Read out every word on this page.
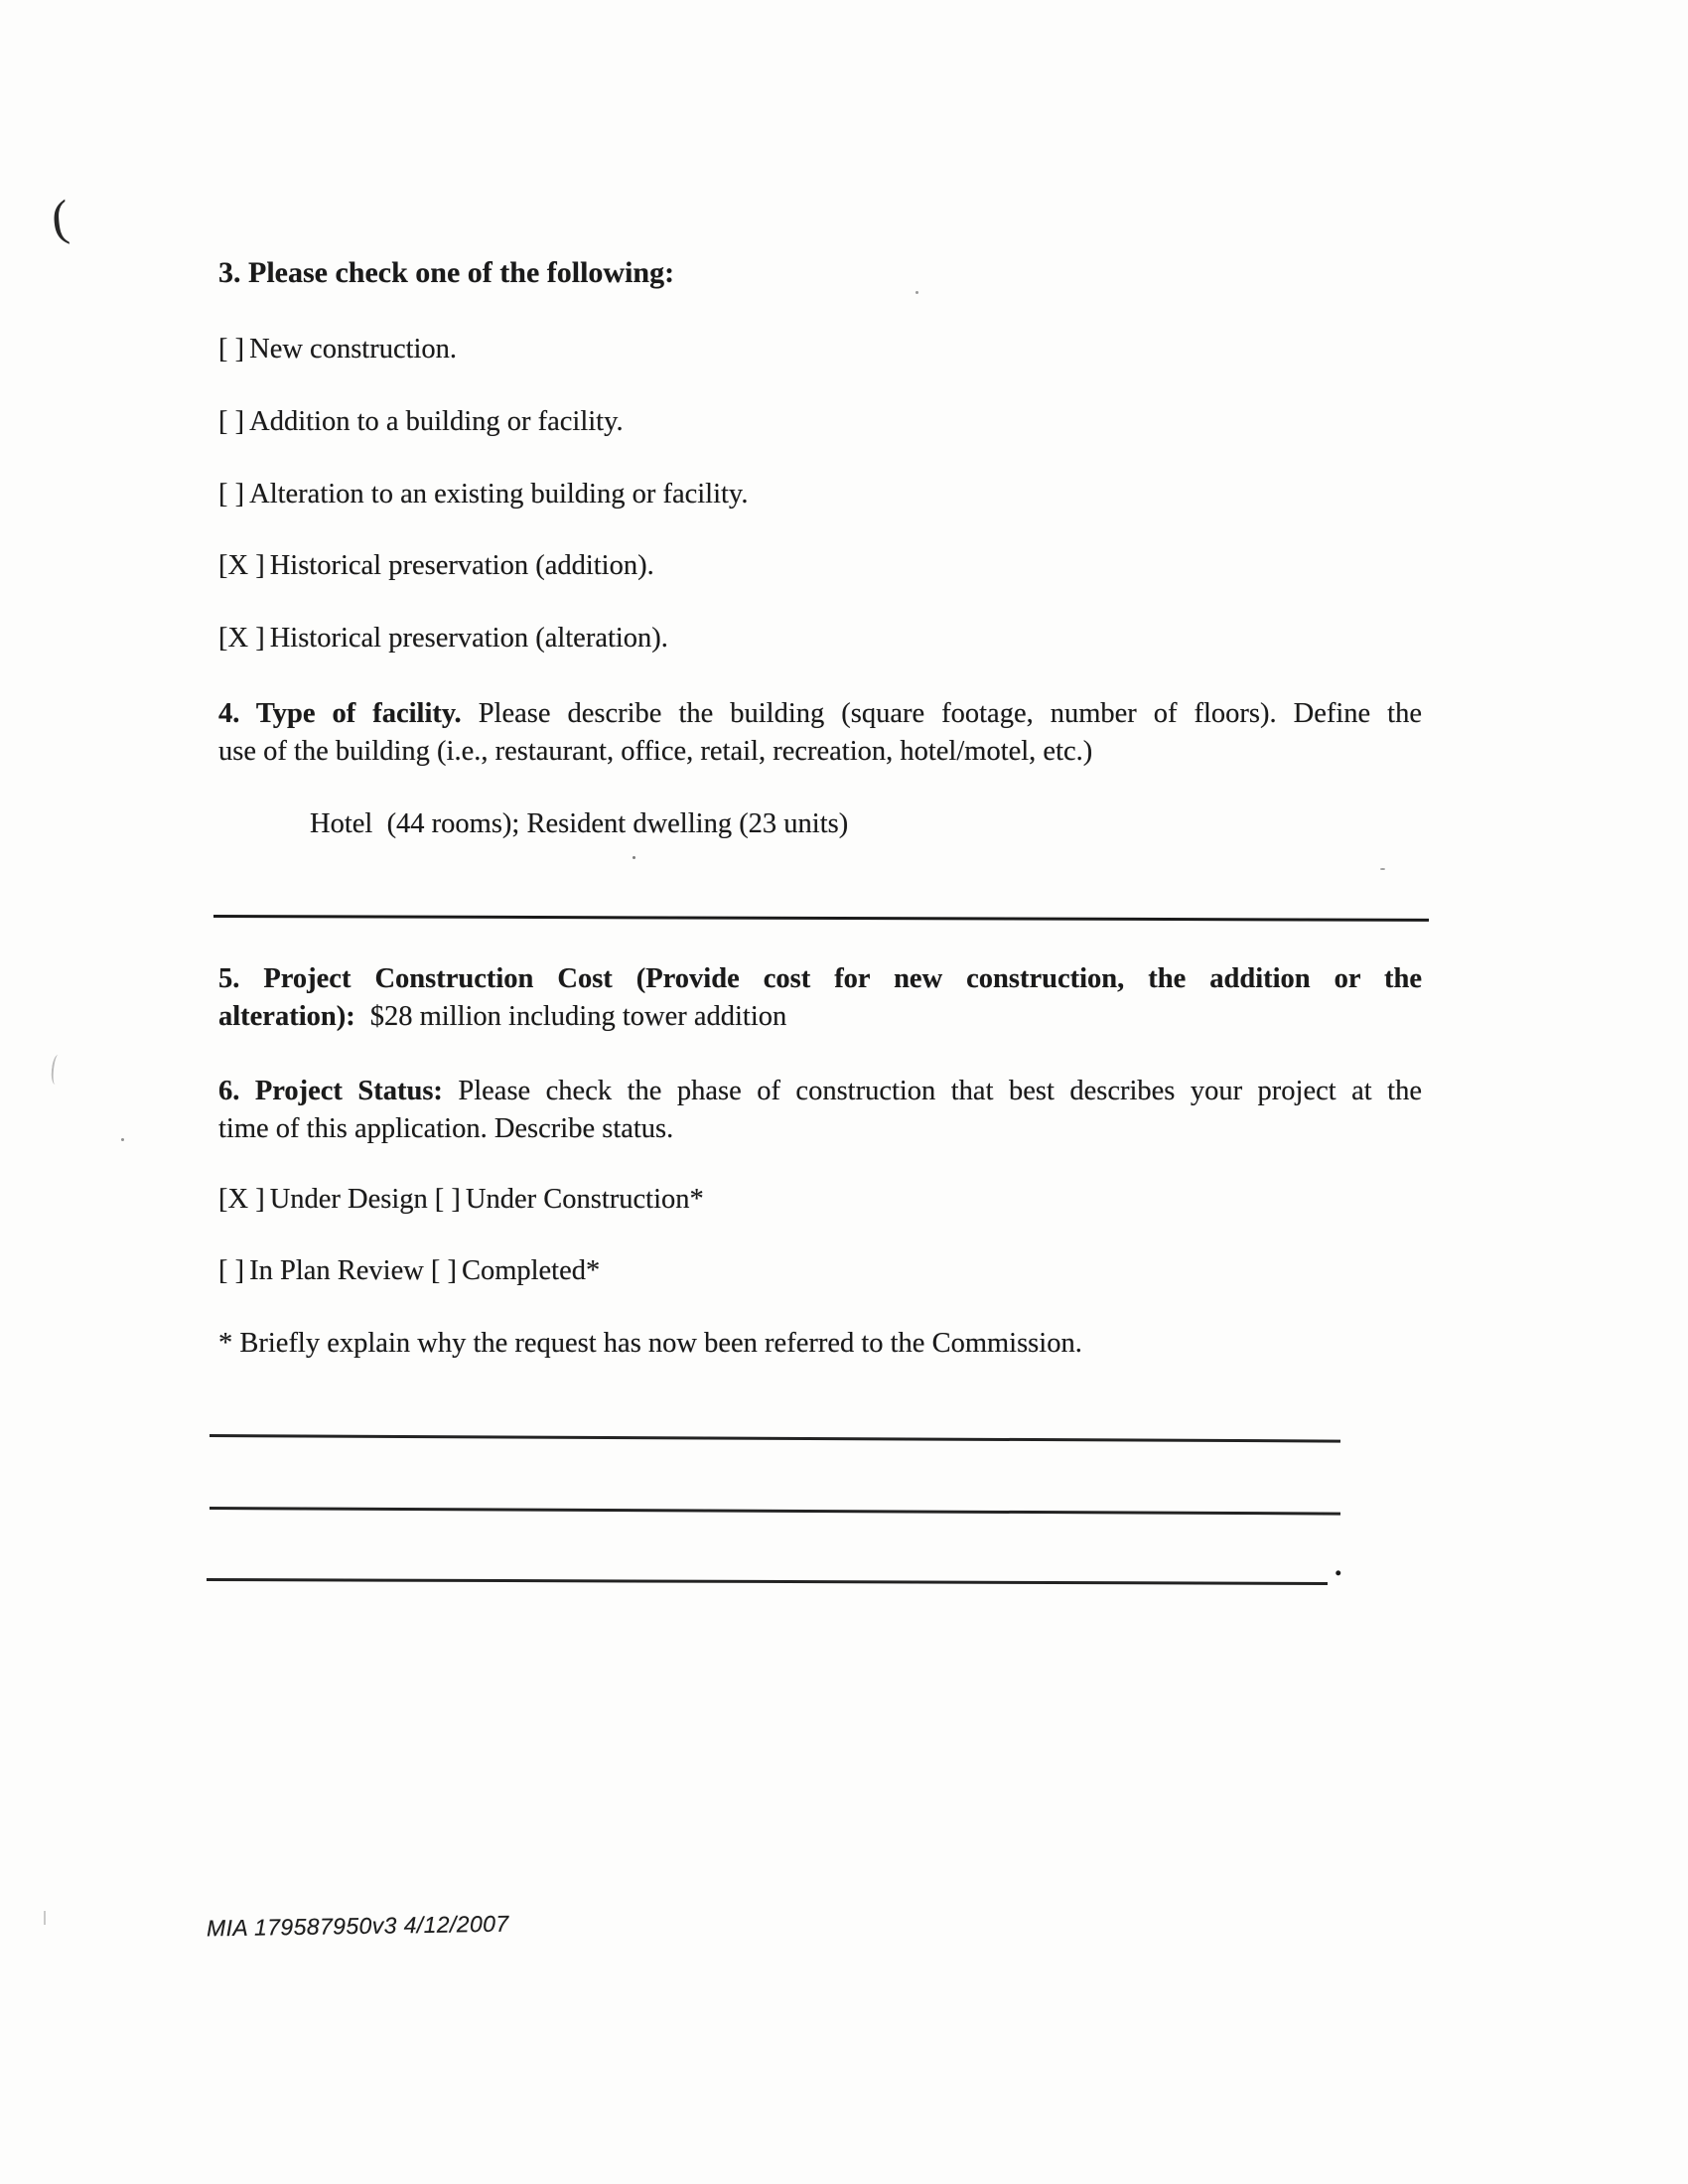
(
3. Please check one of the following:
[ ] New construction.
[ ] Addition to a building or facility.
[ ] Alteration to an existing building or facility.
[X ] Historical preservation (addition).
[X ] Historical preservation (alteration).
4. Type of facility. Please describe the building (square footage, number of floors). Define the
use of the building (i.e., restaurant, office, retail, recreation, hotel/motel, etc.)
Hotel  (44 rooms); Resident dwelling (23 units)
5. Project Construction Cost (Provide cost for new construction, the addition or the
alteration): $28 million including tower addition
6. Project Status: Please check the phase of construction that best describes your project at the
time of this application. Describe status.
[X ] Under Design [ ] Under Construction*
[ ] In Plan Review [ ] Completed*
* Briefly explain why the request has now been referred to the Commission.
.
MIA 179587950v3 4/12/2007
